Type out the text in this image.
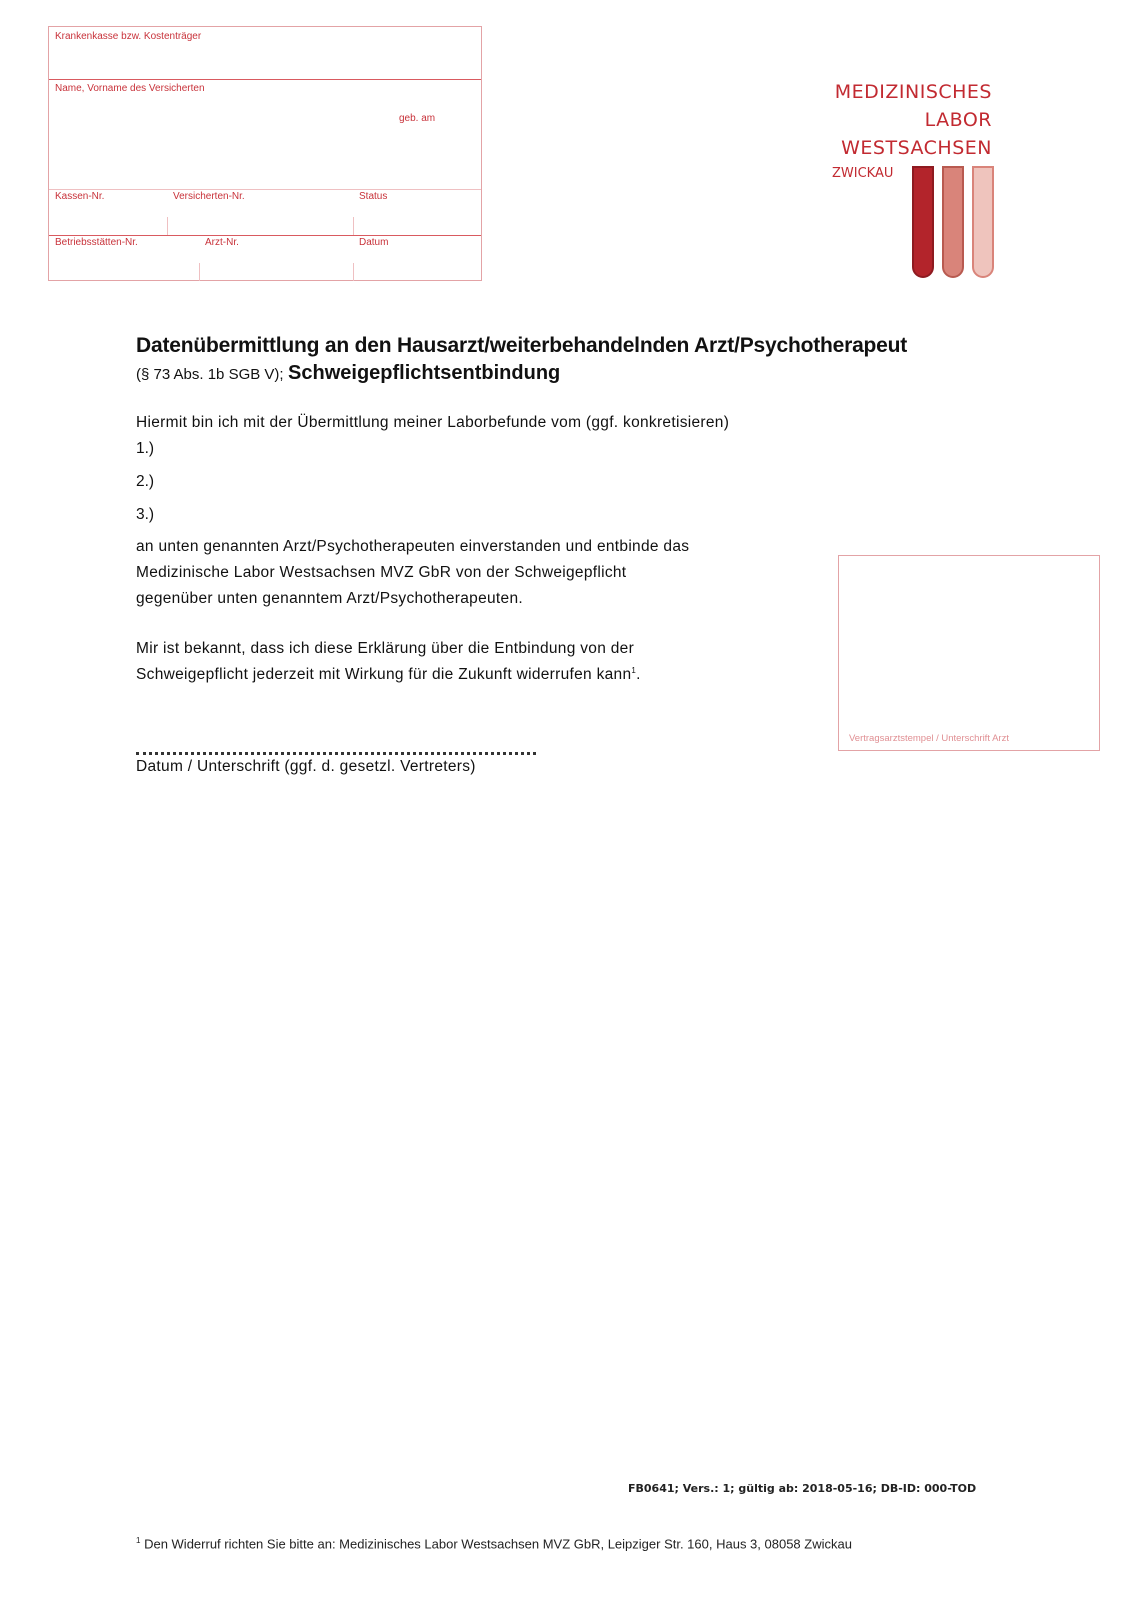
Krankenkasse bzw. Kostenträger
Name, Vorname des Versicherten
geb. am
Kassen-Nr.	Versicherten-Nr.	Status
Betriebsstätten-Nr.	Arzt-Nr.	Datum
MEDIZINISCHES
LABOR
WESTSACHSEN
ZWICKAU
Datenübermittlung an den Hausarzt/weiterbehandelnden Arzt/Psychotherapeut
(§ 73 Abs. 1b SGB V); Schweigepflichtsentbindung
Hiermit bin ich mit der Übermittlung meiner Laborbefunde vom (ggf. konkretisieren)
1.)
2.)
3.)
an unten genannten Arzt/Psychotherapeuten einverstanden und entbinde das
Medizinische Labor Westsachsen MVZ GbR von der Schweigepflicht
gegenüber unten genanntem Arzt/Psychotherapeuten.
Mir ist bekannt, dass ich diese Erklärung über die Entbindung von der
Schweigepflicht jederzeit mit Wirkung für die Zukunft widerrufen kann$^1$.
Vertragsarztstempel / Unterschrift Arzt
Datum / Unterschrift (ggf. d. gesetzl. Vertreters)
FB0641; Vers.: 1; gültig ab: 2018-05-16; DB-ID: 000-TOD
$^1$ Den Widerruf richten Sie bitte an: Medizinisches Labor Westsachsen MVZ GbR, Leipziger Str. 160, Haus 3, 08058 Zwickau
